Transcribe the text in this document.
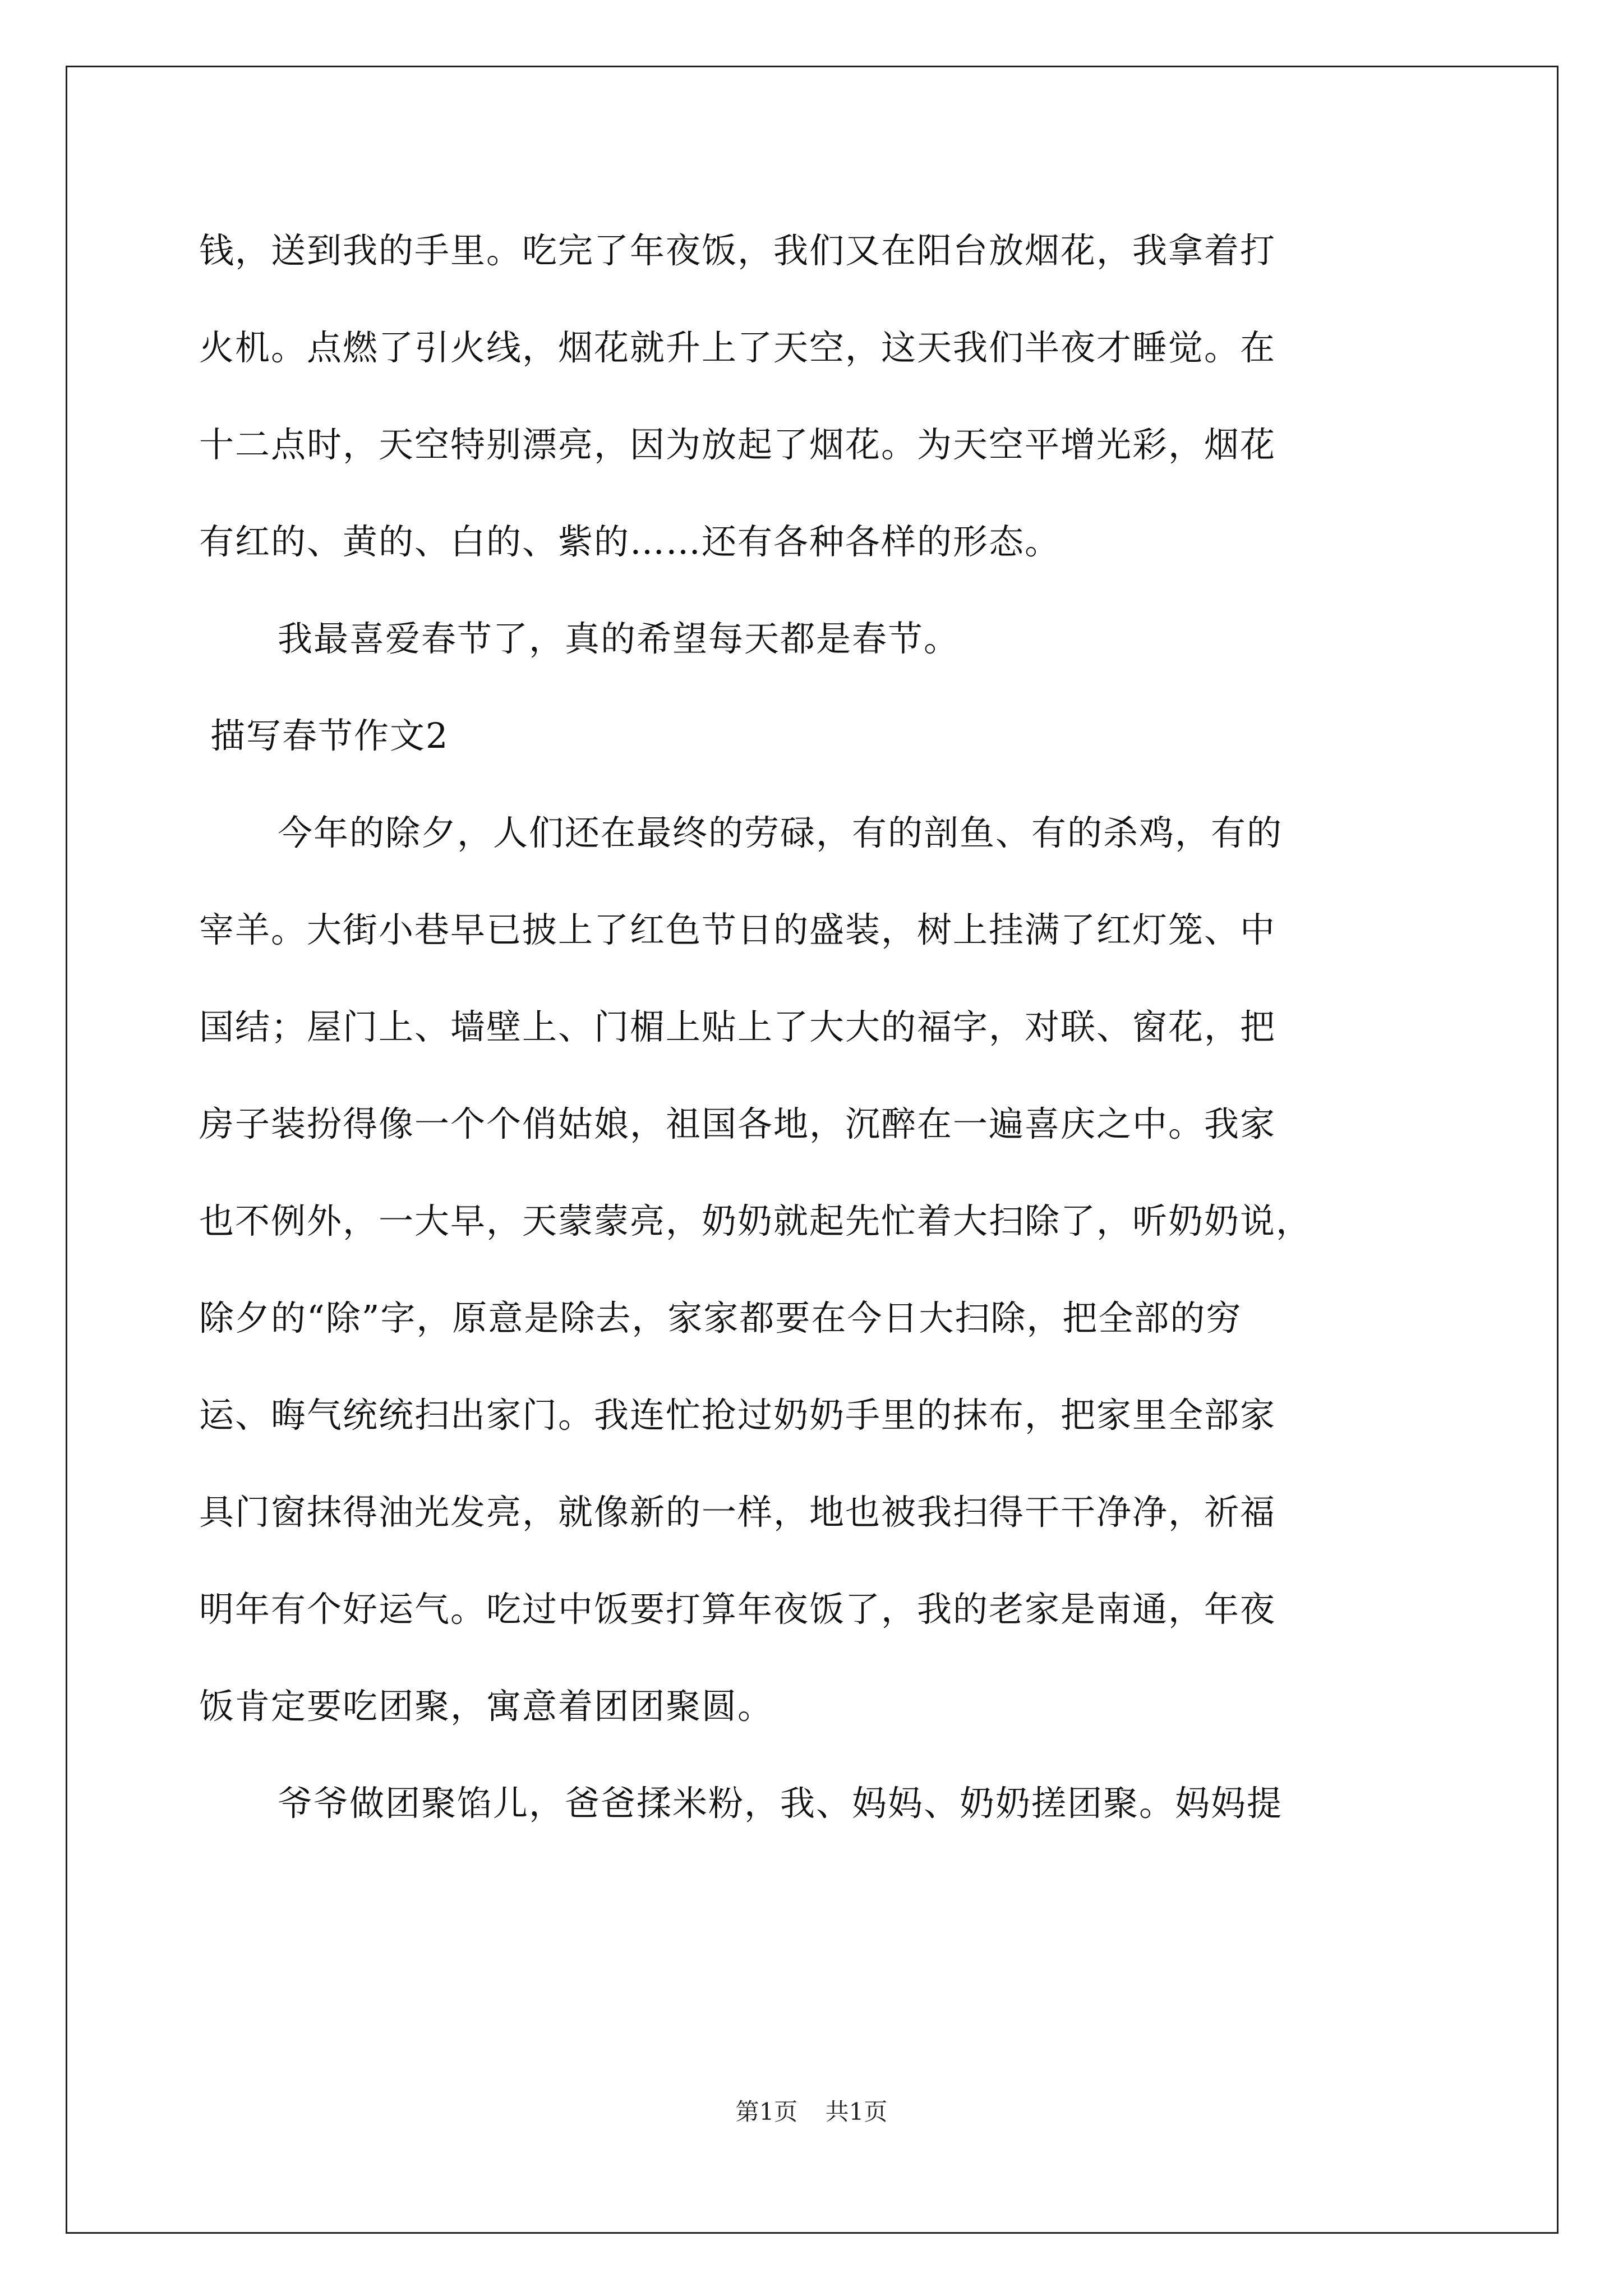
钱，送到我的手里。吃完了年夜饭，我们又在阳台放烟花，我拿着打
火机。点燃了引火线，烟花就升上了天空，这天我们半夜才睡觉。在
十二点时，天空特别漂亮，因为放起了烟花。为天空平增光彩，烟花
有红的、黄的、白的、紫的……还有各种各样的形态。
我最喜爱春节了，真的希望每天都是春节。
描写春节作文2
今年的除夕，人们还在最终的劳碌，有的剖鱼、有的杀鸡，有的
宰羊。大街小巷早已披上了红色节日的盛装，树上挂满了红灯笼、中
国结；屋门上、墙壁上、门楣上贴上了大大的福字，对联、窗花，把
房子装扮得像一个个俏姑娘，祖国各地，沉醉在一遍喜庆之中。我家
也不例外，一大早，天蒙蒙亮，奶奶就起先忙着大扫除了，听奶奶说，
除夕的“除”字，原意是除去，家家都要在今日大扫除，把全部的穷
运、晦气统统扫出家门。我连忙抢过奶奶手里的抹布，把家里全部家
具门窗抹得油光发亮，就像新的一样，地也被我扫得干干净净，祈福
明年有个好运气。吃过中饭要打算年夜饭了，我的老家是南通，年夜
饭肯定要吃团聚，寓意着团团聚圆。
爷爷做团聚馅儿，爸爸揉米粉，我、妈妈、奶奶搓团聚。妈妈提
第1页 共1页
